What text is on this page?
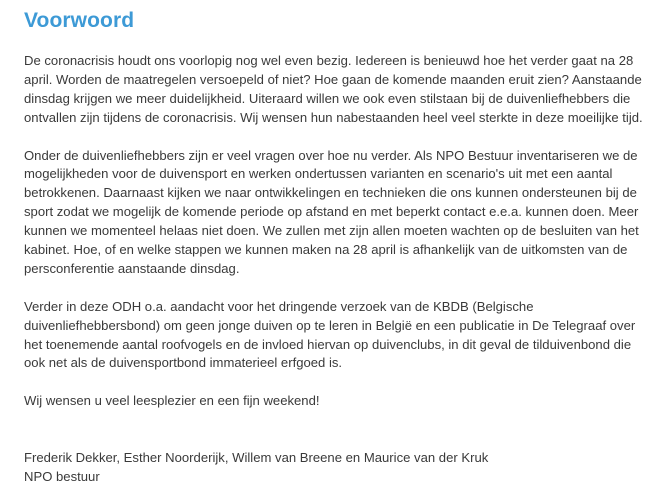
Voorwoord

De coronacrisis houdt ons voorlopig nog wel even bezig. Iedereen is benieuwd hoe het verder gaat na 28 april. Worden de maatregelen versoepeld of niet? Hoe gaan de komende maanden eruit zien? Aanstaande dinsdag krijgen we meer duidelijkheid. Uiteraard willen we ook even stilstaan bij de duivenliefhebbers die ontvallen zijn tijdens de coronacrisis. Wij wensen hun nabestaanden heel veel sterkte in deze moeilijke tijd.

Onder de duivenliefhebbers zijn er veel vragen over hoe nu verder. Als NPO Bestuur inventariseren we de mogelijkheden voor de duivensport en werken ondertussen varianten en scenario's uit met een aantal betrokkenen. Daarnaast kijken we naar ontwikkelingen en technieken die ons kunnen ondersteunen bij de sport zodat we mogelijk de komende periode op afstand en met beperkt contact e.e.a. kunnen doen. Meer kunnen we momenteel helaas niet doen. We zullen met zijn allen moeten wachten op de besluiten van het kabinet. Hoe, of en welke stappen we kunnen maken na 28 april is afhankelijk van de uitkomsten van de persconferentie aanstaande dinsdag.

Verder in deze ODH o.a. aandacht voor het dringende verzoek van de KBDB (Belgische duivenliefhebbersbond) om geen jonge duiven op te leren in België en een publicatie in De Telegraaf over het toenemende aantal roofvogels en de invloed hiervan op duivenclubs, in dit geval de tilduivenbond die ook net als de duivensportbond immaterieel erfgoed is.

Wij wensen u veel leesplezier en een fijn weekend!

Frederik Dekker, Esther Noorderijk, Willem van Breene en Maurice van der Kruk
NPO bestuur
